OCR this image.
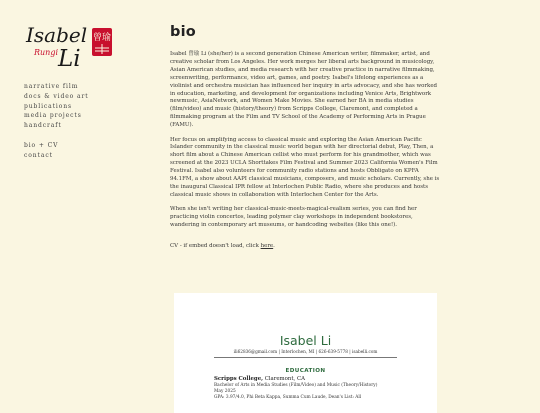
Isabel
Li
Rungi
曾瑜
narrative film
docs & video art
publications
media projects
handcraft
bio + CV
contact
bio

Isabel 曾瑜 Li (she/her) is a second generation Chinese American writer, filmmaker, artist, and creative scholar from Los Angeles. Her work merges her liberal arts background in musicology, Asian American studies, and media research with her creative practice in narrative filmmaking, screenwriting, performance, video art, games, and poetry. Isabel's lifelong experiences as a violinist and orchestra musician has influenced her inquiry in arts advocacy, and she has worked in education, marketing, and development for organizations including Venice Arts, Brightwork newmusic, AsiaNetwork, and Women Make Movies. She earned her BA in media studies (film/video) and music (history/theory) from Scripps College, Claremont, and completed a filmmaking program at the Film and TV School of the Academy of Performing Arts in Prague (FAMU).

Her focus on amplifying access to classical music and exploring the Asian American Pacific Islander community in the classical music world began with her directorial debut, Play, Then, a short film about a Chinese American cellist who must perform for his grandmother, which was screened at the 2023 UCLA Shorttakes Film Festival and Summer 2023 California Women's Film Festival. Isabel also volunteers for community radio stations and hosts Obbligato on KPFA 94.1FM, a show about AAPI classical musicians, composers, and music scholars. Currently, she is the inaugural Classical IPR fellow at Interlochen Public Radio, where she produces and hosts classical music shows in collaboration with Interlochen Center for the Arts.

When she isn't writing her classical-music-meets-magical-realism series, you can find her practicing violin concertos, leading polymer clay workshops in independent bookstores, wandering in contemporary art museums, or handcoding websites (like this one!).

CV - if embed doesn't load, click here.

Isabel Li
ili62836@gmail.com | Interlochen, MI | 626-639-5778 | isabelli.com
EDUCATION
Scripps College, Claremont, CA
Bachelor of Arts in Media Studies (Film/Video) and Music (Theory/History)
May 2025
GPA: 3.97/4.0, Phi Beta Kappa, Summa Cum Laude, Dean's List: All
